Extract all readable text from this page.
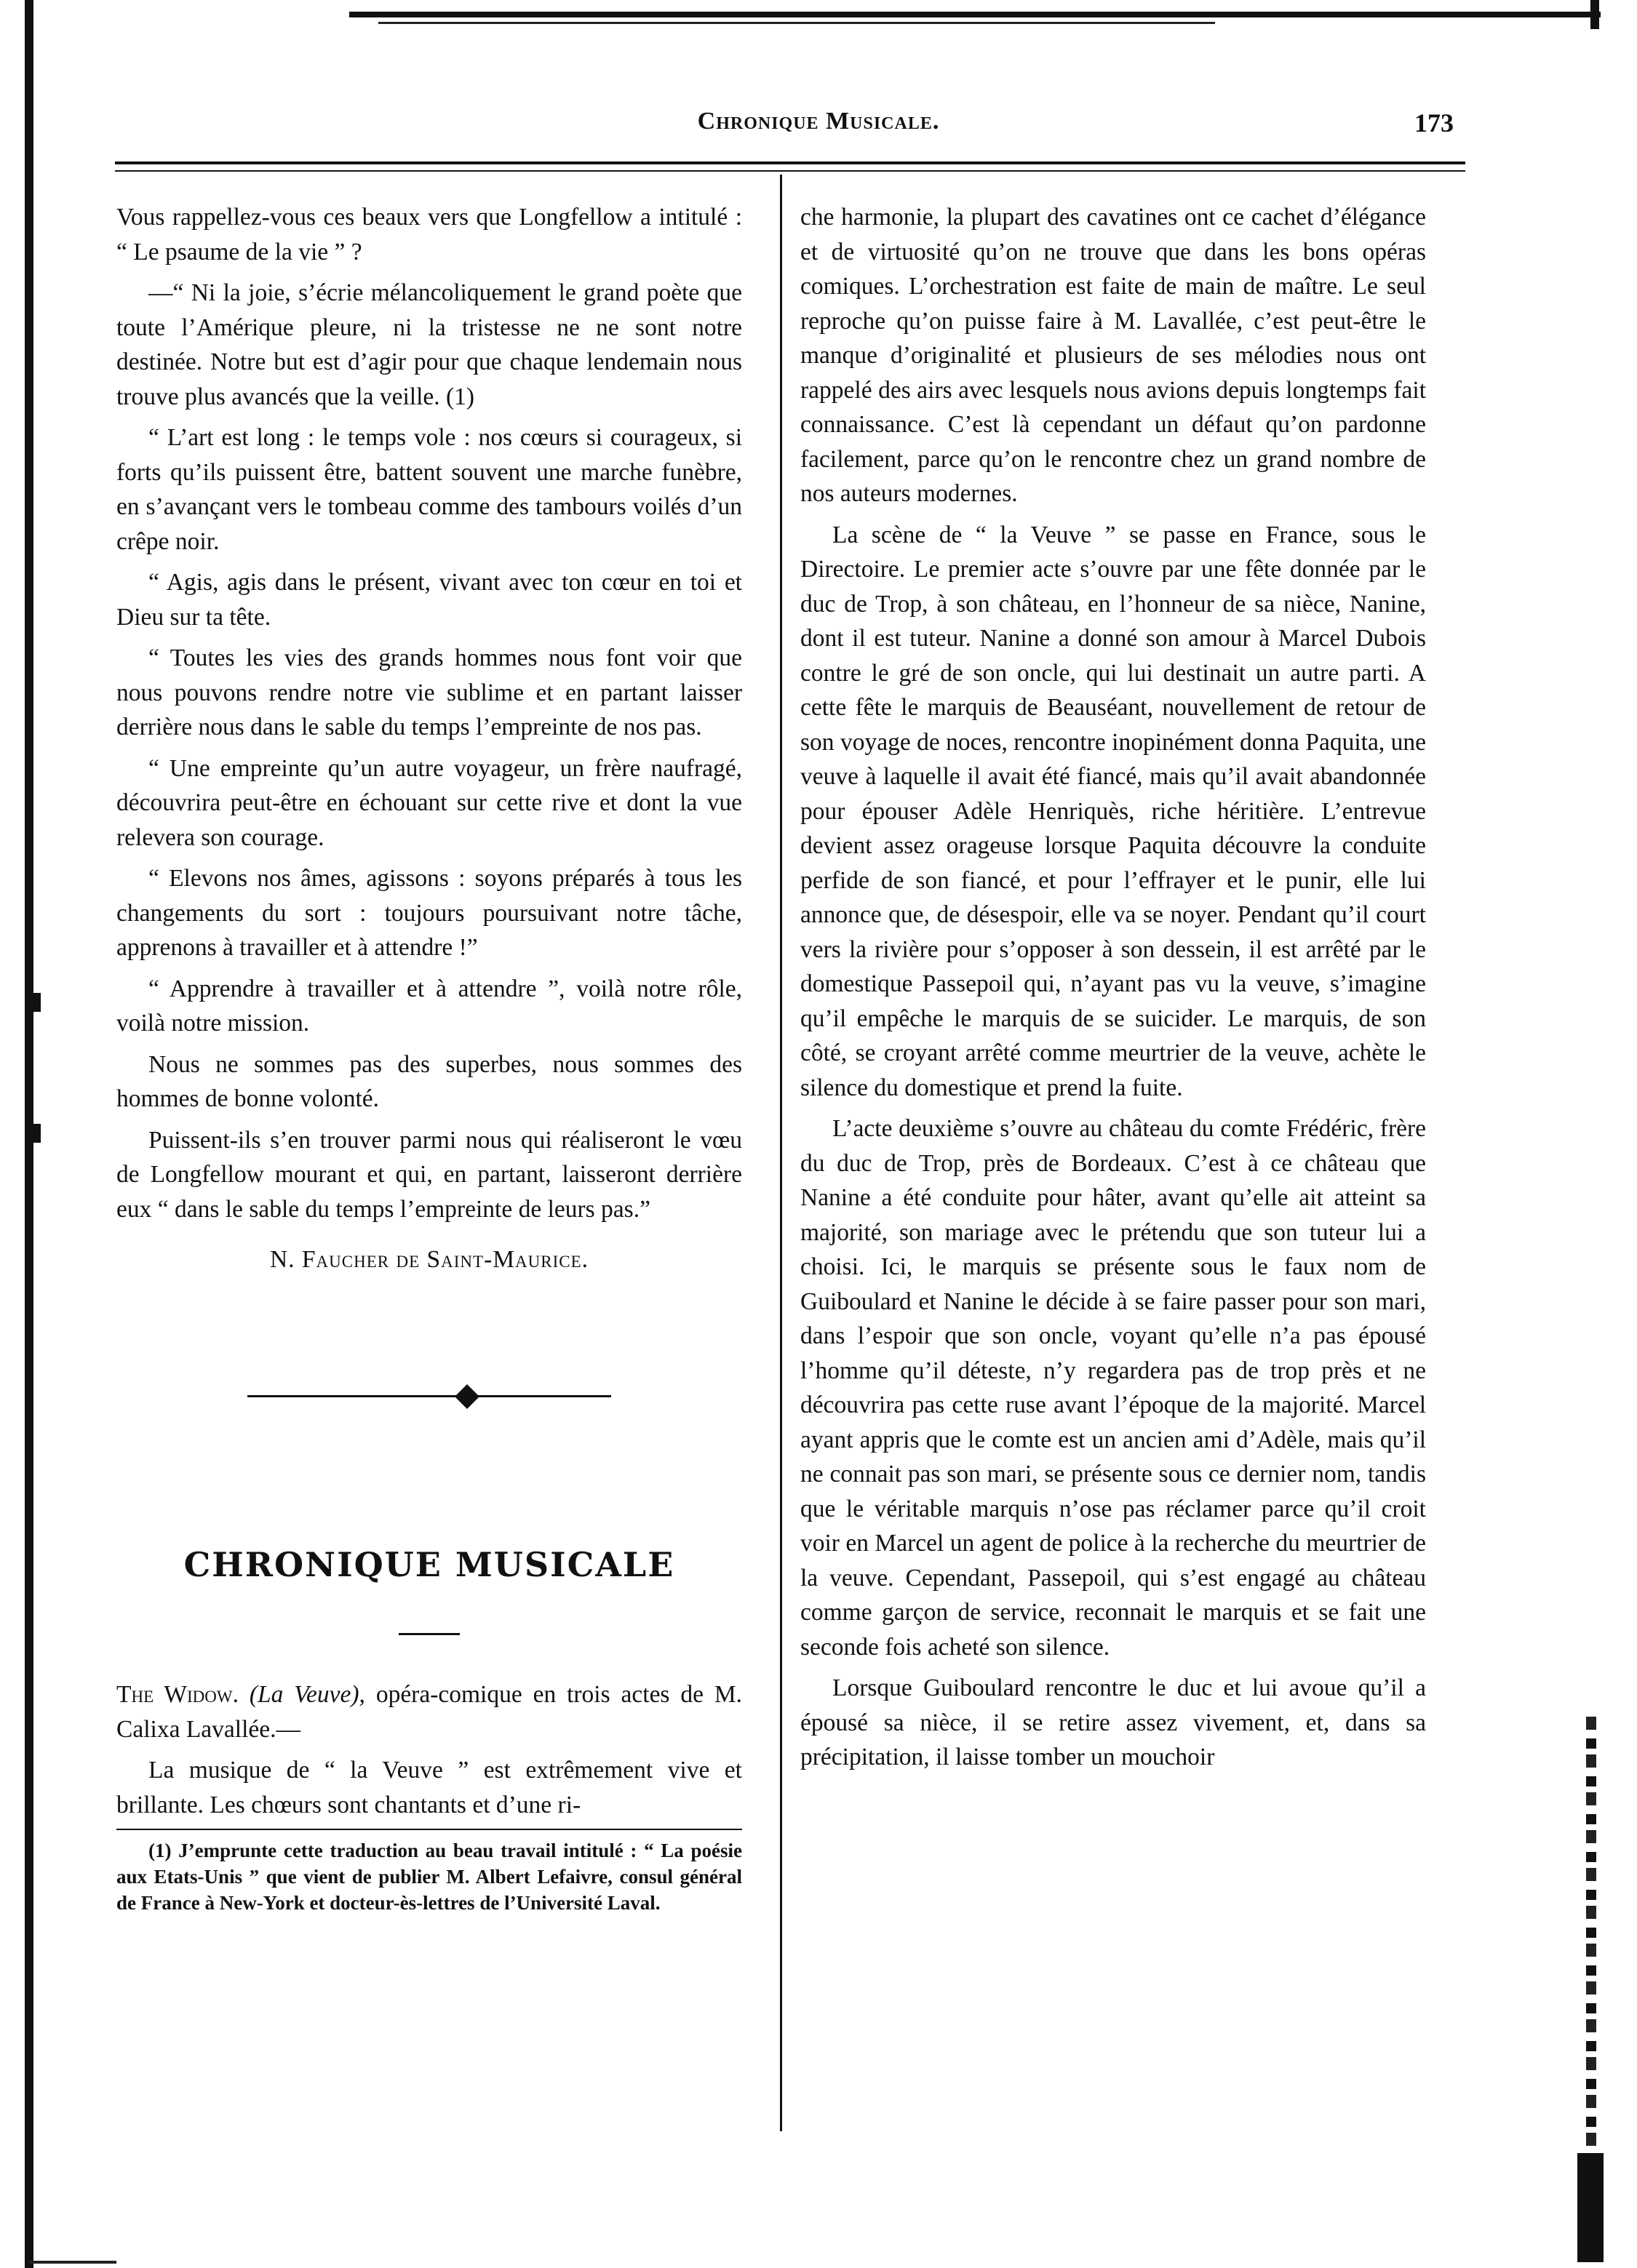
Chronique Musicale.	173

Vous rappellez-vous ces beaux vers que Longfellow a intitulé : “ Le psaume de la vie ” ?

—“ Ni la joie, s’écrie mélancoliquement le grand poète que toute l’Amérique pleure, ni la tristesse ne ne sont notre destinée. Notre but est d’agir pour que chaque lendemain nous trouve plus avancés que la veille. (1)

“ L’art est long : le temps vole : nos cœurs si courageux, si forts qu’ils puissent être, battent souvent une marche funèbre, en s’avançant vers le tombeau comme des tambours voilés d’un crêpe noir.

“ Agis, agis dans le présent, vivant avec ton cœur en toi et Dieu sur ta tête.

“ Toutes les vies des grands hommes nous font voir que nous pouvons rendre notre vie sublime et en partant laisser derrière nous dans le sable du temps l’empreinte de nos pas.

“ Une empreinte qu’un autre voyageur, un frère naufragé, découvrira peut-être en échouant sur cette rive et dont la vue relevera son courage.

“ Elevons nos âmes, agissons : soyons préparés à tous les changements du sort : toujours poursuivant notre tâche, apprenons à travailler et à attendre !”

“ Apprendre à travailler et à attendre ”, voilà notre rôle, voilà notre mission.

Nous ne sommes pas des superbes, nous sommes des hommes de bonne volonté.

Puissent-ils s’en trouver parmi nous qui réaliseront le vœu de Longfellow mourant et qui, en partant, laisseront derrière eux “ dans le sable du temps l’empreinte de leurs pas.”

N. Faucher de Saint-Maurice.
CHRONIQUE MUSICALE

The Widow. (La Veuve), opéra-comique en trois actes de M. Calixa Lavallée.—

La musique de “ la Veuve ” est extrêmement vive et brillante. Les chœurs sont chantants et d’une ri-

(1) J’emprunte cette traduction au beau travail intitulé : “ La poésie aux Etats-Unis ” que vient de publier M. Albert Lefaivre, consul général de France à New-York et docteur-ès-lettres de l’Université Laval.

che harmonie, la plupart des cavatines ont ce cachet d’élégance et de virtuosité qu’on ne trouve que dans les bons opéras comiques. L’orchestration est faite de main de maître. Le seul reproche qu’on puisse faire à M. Lavallée, c’est peut-être le manque d’originalité et plusieurs de ses mélodies nous ont rappelé des airs avec lesquels nous avions depuis longtemps fait connaissance. C’est là cependant un défaut qu’on pardonne facilement, parce qu’on le rencontre chez un grand nombre de nos auteurs modernes.

La scène de “ la Veuve ” se passe en France, sous le Directoire. Le premier acte s’ouvre par une fête donnée par le duc de Trop, à son château, en l’honneur de sa nièce, Nanine, dont il est tuteur. Nanine a donné son amour à Marcel Dubois contre le gré de son oncle, qui lui destinait un autre parti. A cette fête le marquis de Beauséant, nouvellement de retour de son voyage de noces, rencontre inopinément donna Paquita, une veuve à laquelle il avait été fiancé, mais qu’il avait abandonnée pour épouser Adèle Henriquès, riche héritière. L’entrevue devient assez orageuse lorsque Paquita découvre la conduite perfide de son fiancé, et pour l’effrayer et le punir, elle lui annonce que, de désespoir, elle va se noyer. Pendant qu’il court vers la rivière pour s’opposer à son dessein, il est arrêté par le domestique Passepoil qui, n’ayant pas vu la veuve, s’imagine qu’il empêche le marquis de se suicider. Le marquis, de son côté, se croyant arrêté comme meurtrier de la veuve, achète le silence du domestique et prend la fuite.

L’acte deuxième s’ouvre au château du comte Frédéric, frère du duc de Trop, près de Bordeaux. C’est à ce château que Nanine a été conduite pour hâter, avant qu’elle ait atteint sa majorité, son mariage avec le prétendu que son tuteur lui a choisi. Ici, le marquis se présente sous le faux nom de Guiboulard et Nanine le décide à se faire passer pour son mari, dans l’espoir que son oncle, voyant qu’elle n’a pas épousé l’homme qu’il déteste, n’y regardera pas de trop près et ne découvrira pas cette ruse avant l’époque de la majorité. Marcel ayant appris que le comte est un ancien ami d’Adèle, mais qu’il ne connait pas son mari, se présente sous ce dernier nom, tandis que le véritable marquis n’ose pas réclamer parce qu’il croit voir en Marcel un agent de police à la recherche du meurtrier de la veuve. Cependant, Passepoil, qui s’est engagé au château comme garçon de service, reconnait le marquis et se fait une seconde fois acheté son silence.

Lorsque Guiboulard rencontre le duc et lui avoue qu’il a épousé sa nièce, il se retire assez vivement, et, dans sa précipitation, il laisse tomber un mouchoir
